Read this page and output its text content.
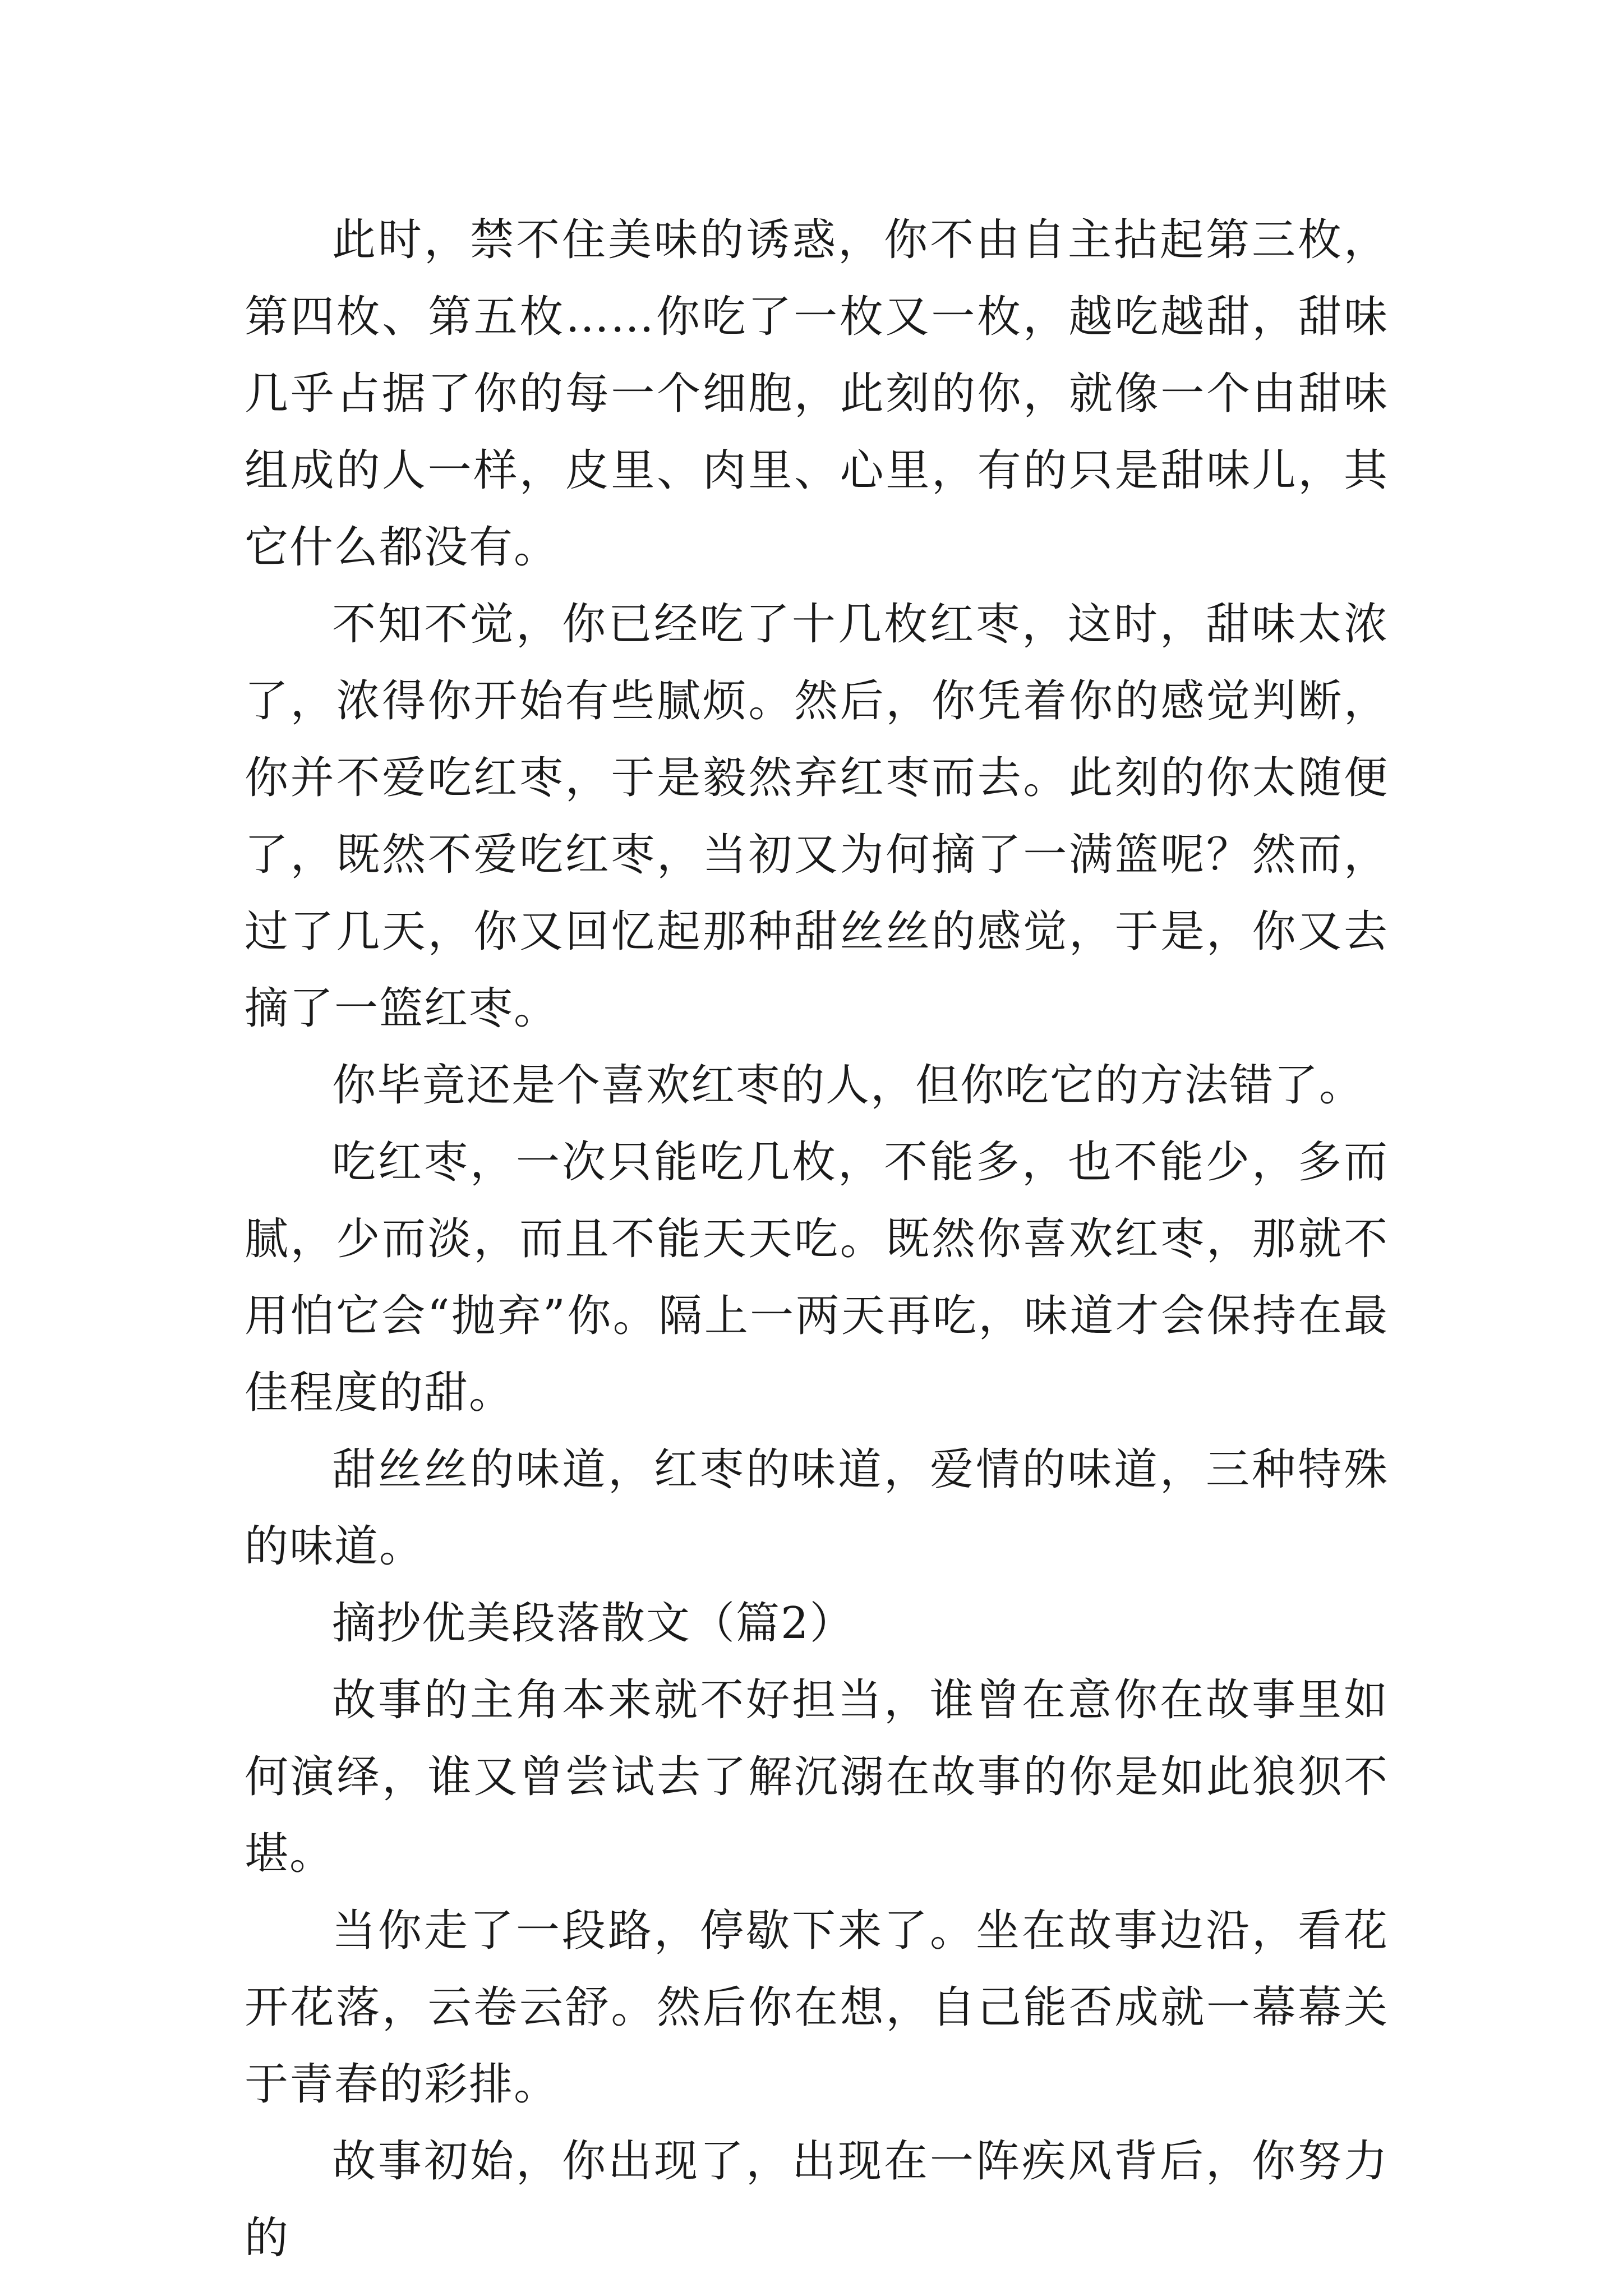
此时，禁不住美味的诱惑，你不由自主拈起第三枚，第四枚、第五枚……你吃了一枚又一枚，越吃越甜，甜味几乎占据了你的每一个细胞，此刻的你，就像一个由甜味组成的人一样，皮里、肉里、心里，有的只是甜味儿，其它什么都没有。

不知不觉，你已经吃了十几枚红枣，这时，甜味太浓了，浓得你开始有些腻烦。然后，你凭着你的感觉判断，你并不爱吃红枣，于是毅然弃红枣而去。此刻的你太随便了，既然不爱吃红枣，当初又为何摘了一满篮呢？然而，过了几天，你又回忆起那种甜丝丝的感觉，于是，你又去摘了一篮红枣。

你毕竟还是个喜欢红枣的人，但你吃它的方法错了。

吃红枣，一次只能吃几枚，不能多，也不能少，多而腻，少而淡，而且不能天天吃。既然你喜欢红枣，那就不用怕它会“抛弃”你。隔上一两天再吃，味道才会保持在最佳程度的甜。

甜丝丝的味道，红枣的味道，爱情的味道，三种特殊的味道。

摘抄优美段落散文（篇2）

故事的主角本来就不好担当，谁曾在意你在故事里如何演绎，谁又曾尝试去了解沉溺在故事的你是如此狼狈不堪。

当你走了一段路，停歇下来了。坐在故事边沿，看花开花落，云卷云舒。然后你在想，自己能否成就一幕幕关于青春的彩排。

故事初始，你出现了，出现在一阵疾风背后，你努力的
